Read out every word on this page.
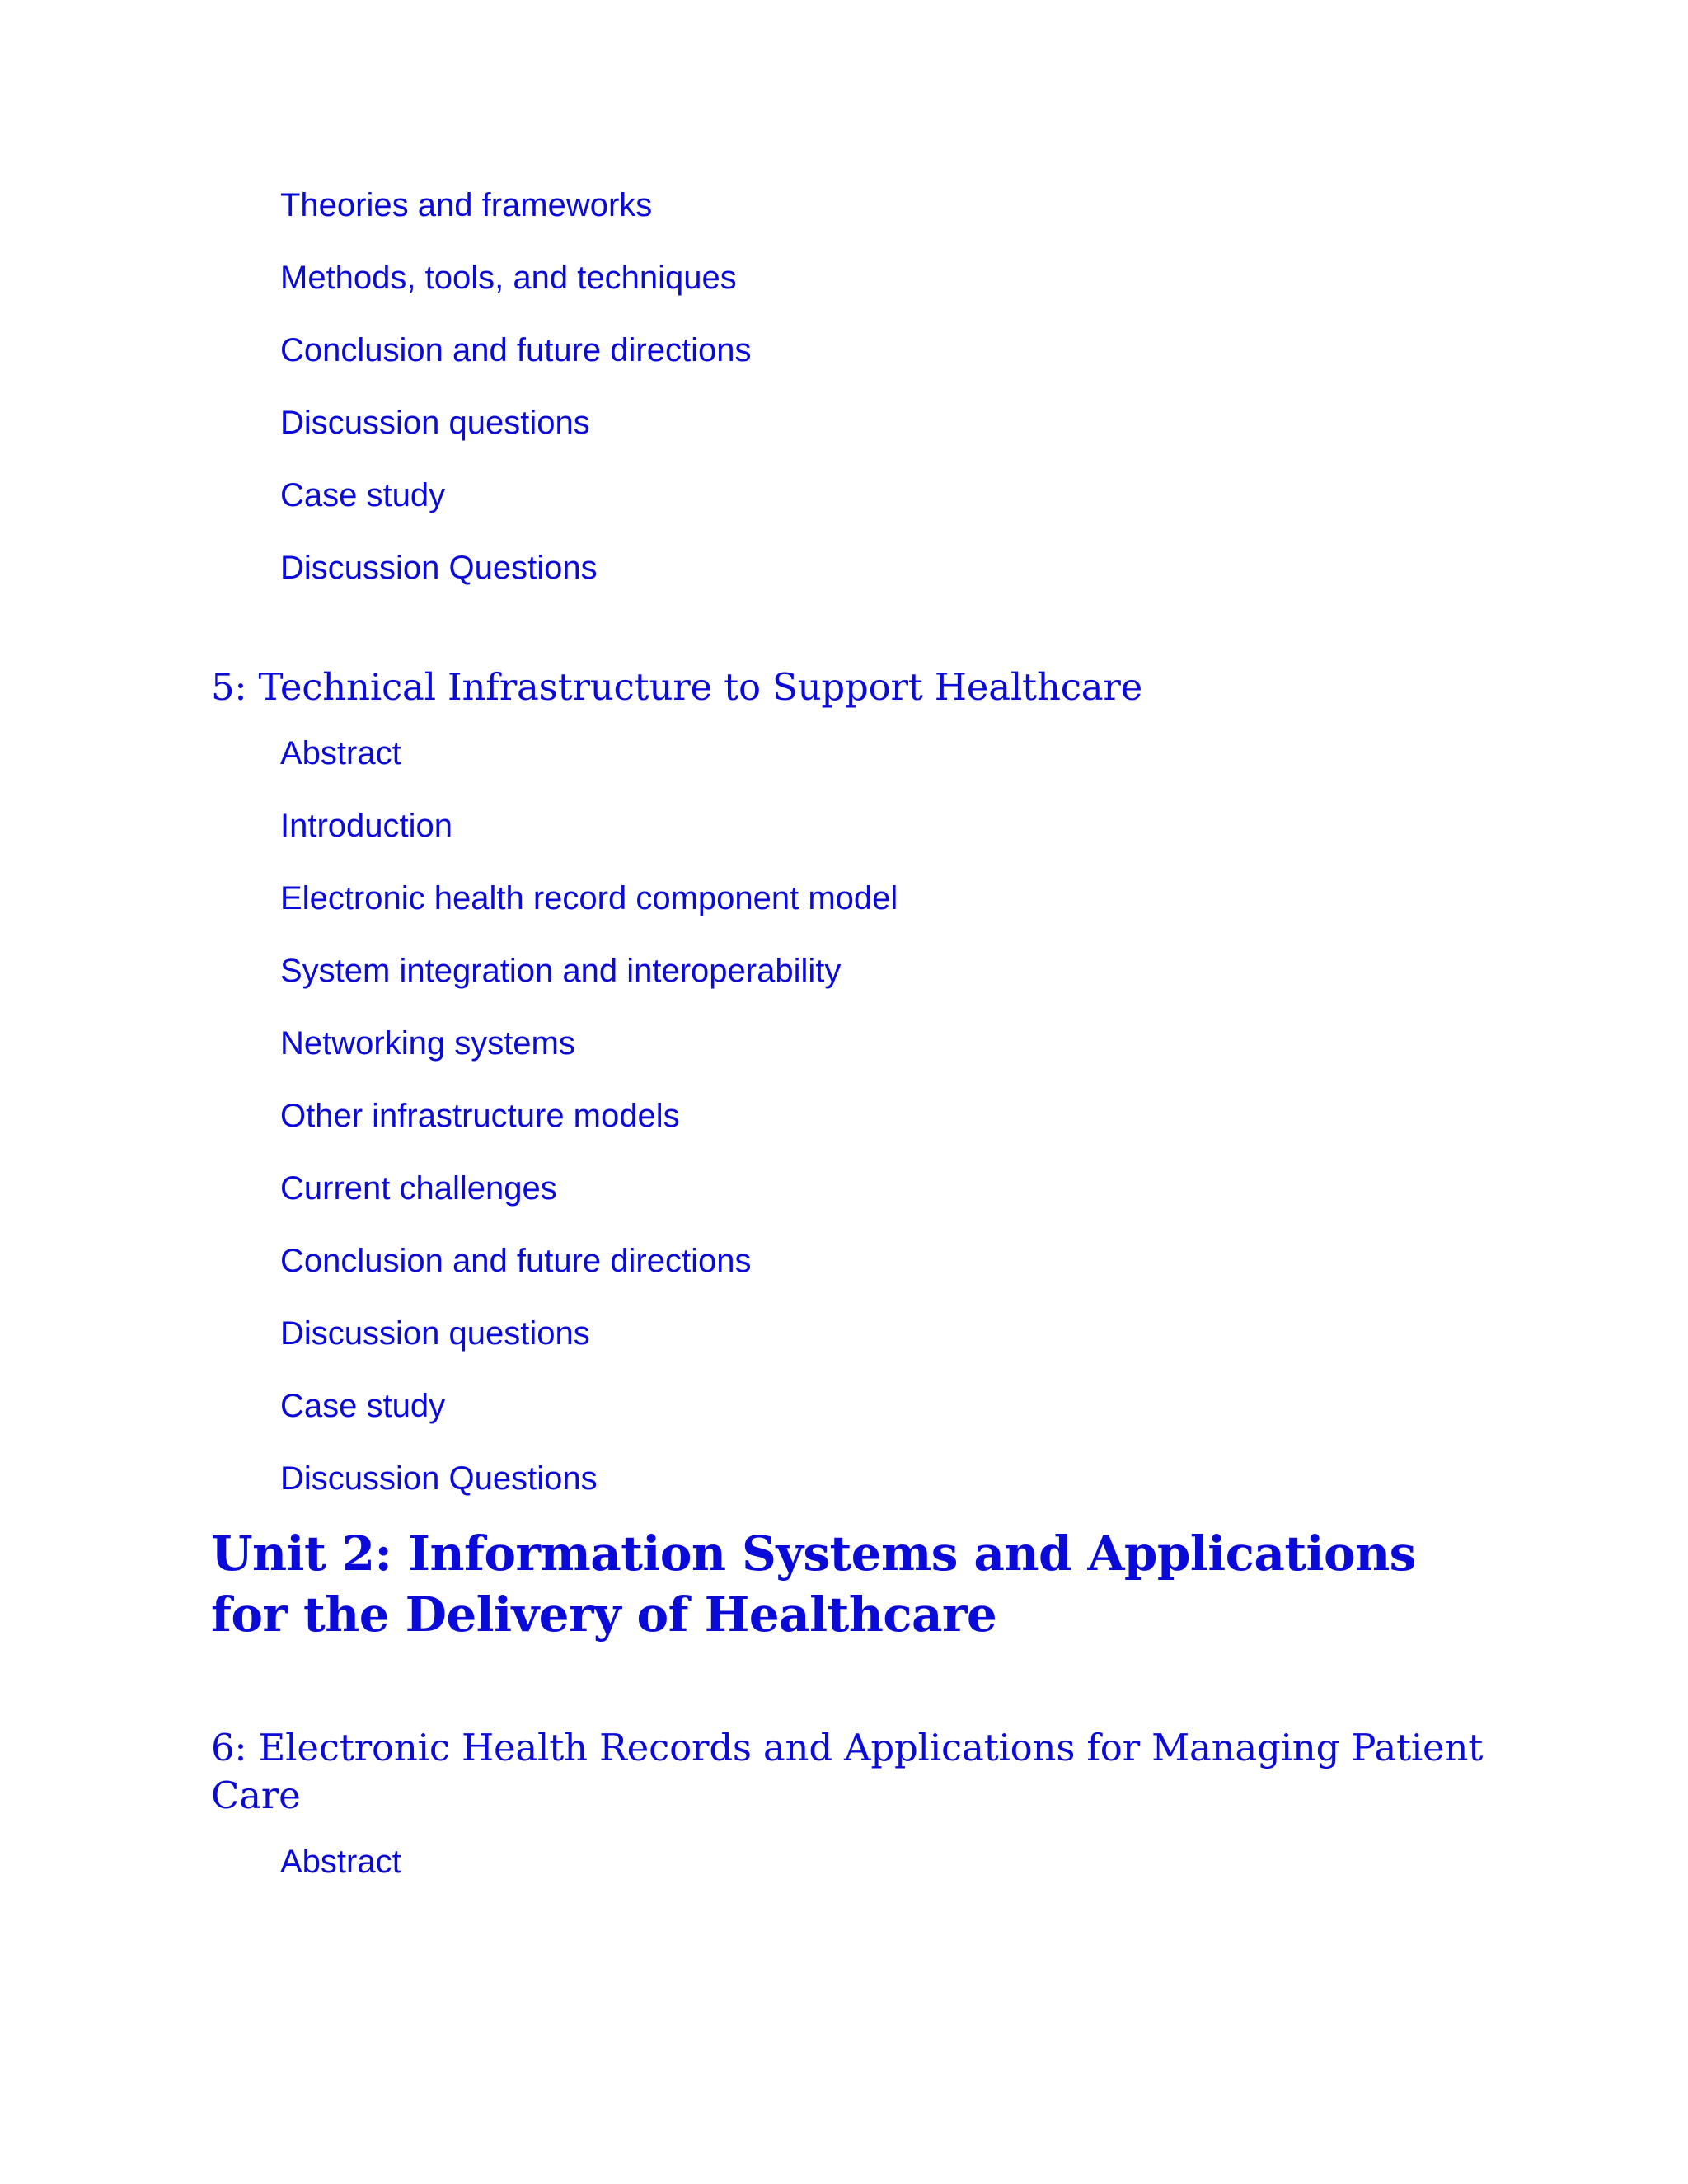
Theories and frameworks
Methods, tools, and techniques
Conclusion and future directions
Discussion questions
Case study
Discussion Questions
5: Technical Infrastructure to Support Healthcare
Abstract
Introduction
Electronic health record component model
System integration and interoperability
Networking systems
Other infrastructure models
Current challenges
Conclusion and future directions
Discussion questions
Case study
Discussion Questions
Unit 2: Information Systems and Applications for the Delivery of Healthcare
6: Electronic Health Records and Applications for Managing Patient Care
Abstract
